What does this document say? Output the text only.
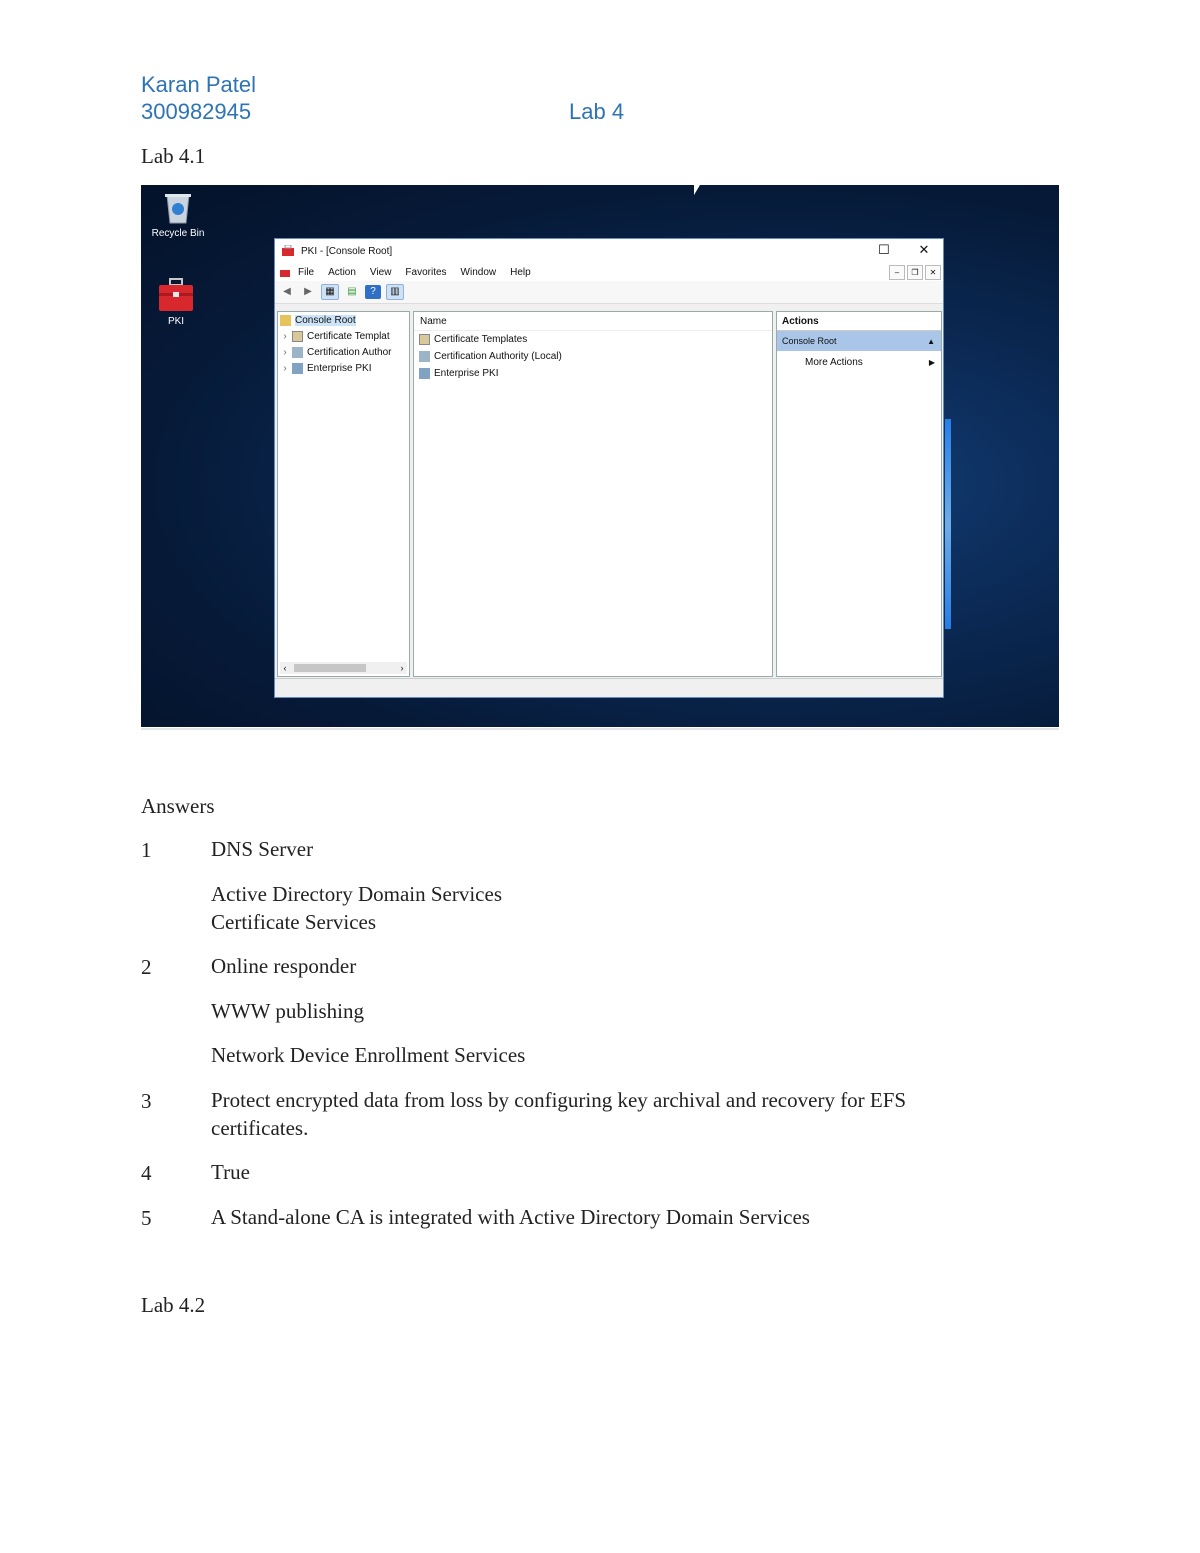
Karan Patel
300982945	Lab 4
Lab 4.1
Recycle Bin
PKI
PKI - [Console Root]	☐ ✕
File Action View Favorites Window Help	–	❐	✕
◀	▶	▦	▤	?	▥
Console Root
›	Certificate Templat
›	Certification Author
›	Enterprise PKI
‹	›
Name
Certificate Templates
Certification Authority (Local)
Enterprise PKI
Actions
Console Root	▲
More Actions	▶
Answers
1	DNS Server
Active Directory Domain Services
Certificate Services
2	Online responder
WWW publishing
Network Device Enrollment Services
3	Protect encrypted data from loss by configuring key archival and recovery for EFS
certificates.
4	True
5	A Stand-alone CA is integrated with Active Directory Domain Services
Lab 4.2
